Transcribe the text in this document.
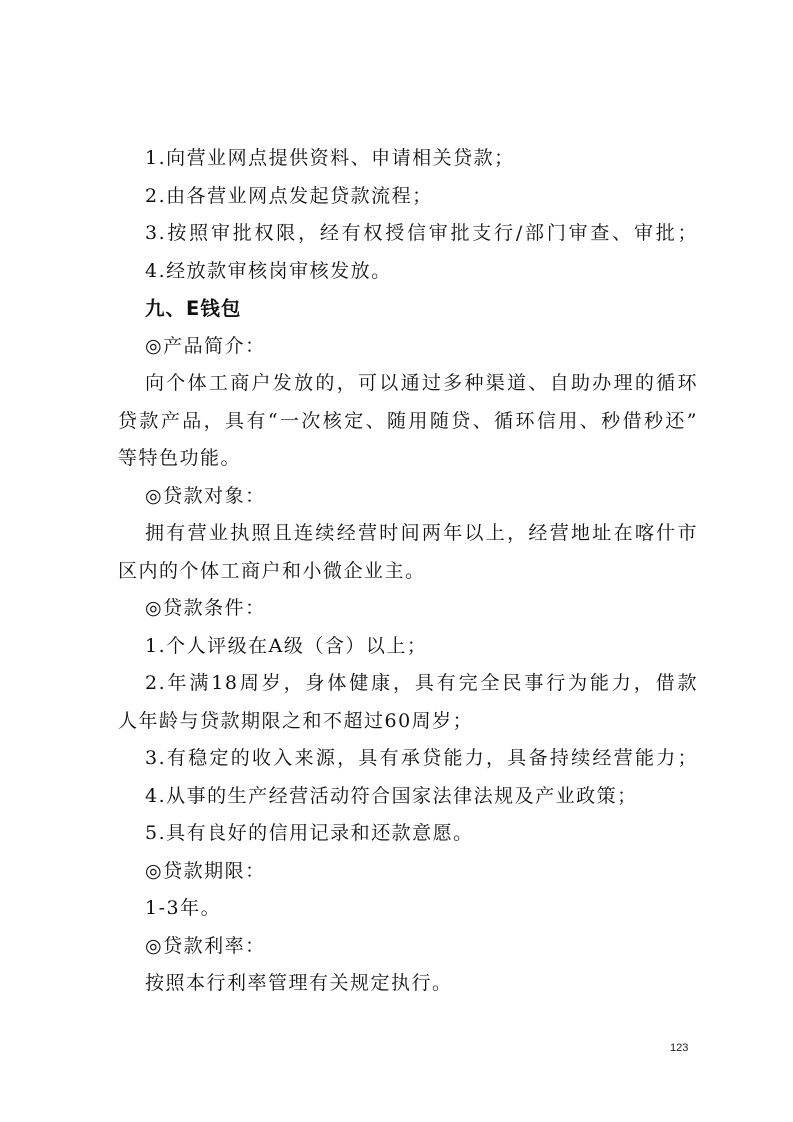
1.向营业网点提供资料、申请相关贷款；
2.由各营业网点发起贷款流程；
3.按照审批权限，经有权授信审批支行/部门审查、审批；
4.经放款审核岗审核发放。
九、E钱包
◎产品简介：
向个体工商户发放的，可以通过多种渠道、自助办理的循环
贷款产品，具有“一次核定、随用随贷、循环信用、秒借秒还”
等特色功能。
◎贷款对象：
拥有营业执照且连续经营时间两年以上，经营地址在喀什市
区内的个体工商户和小微企业主。
◎贷款条件：
1.个人评级在A级（含）以上；
2.年满18周岁，身体健康，具有完全民事行为能力，借款
人年龄与贷款期限之和不超过60周岁；
3.有稳定的收入来源，具有承贷能力，具备持续经营能力；
4.从事的生产经营活动符合国家法律法规及产业政策；
5.具有良好的信用记录和还款意愿。
◎贷款期限：
1-3年。
◎贷款利率：
按照本行利率管理有关规定执行。
123
